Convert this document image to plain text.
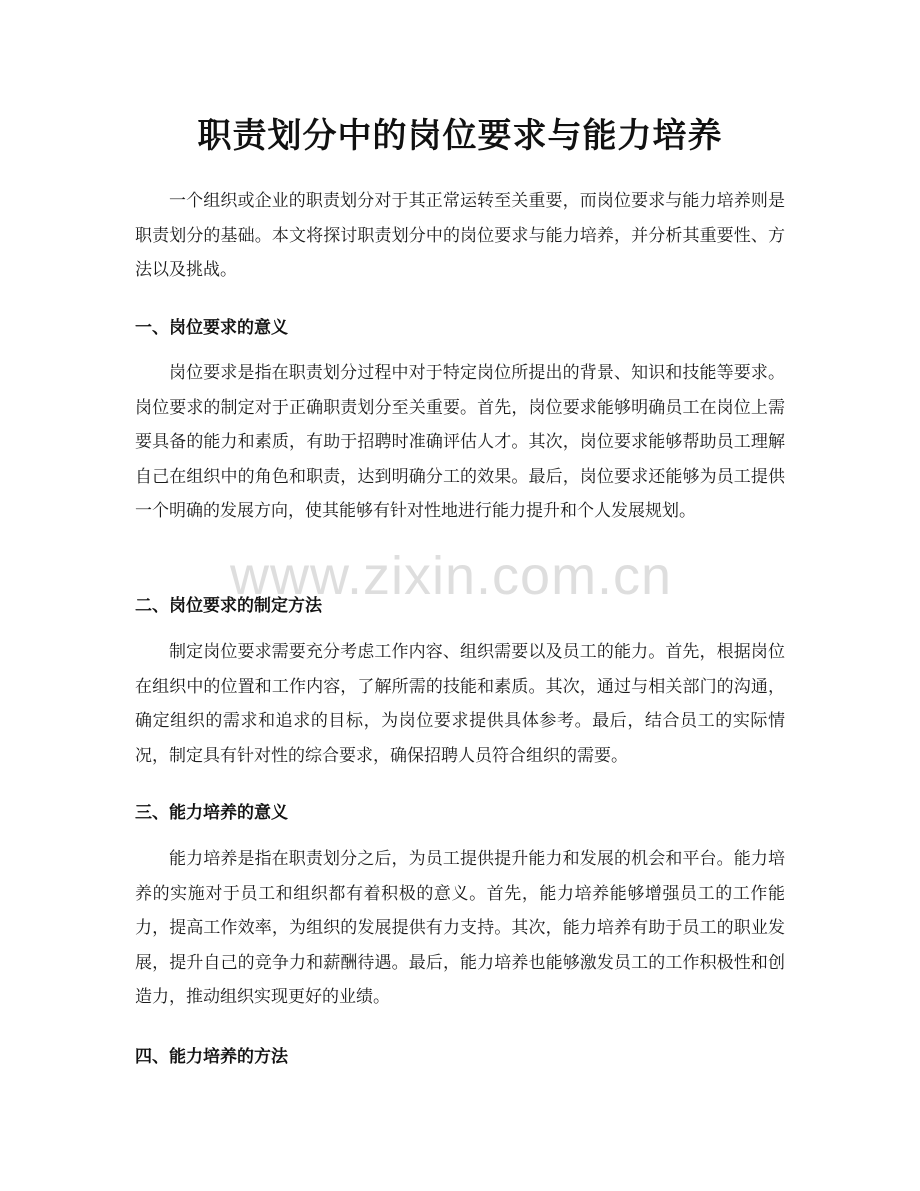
职责划分中的岗位要求与能力培养

一个组织或企业的职责划分对于其正常运转至关重要，而岗位要求与能力培养则是职责划分的基础。本文将探讨职责划分中的岗位要求与能力培养，并分析其重要性、方法以及挑战。

一、岗位要求的意义

岗位要求是指在职责划分过程中对于特定岗位所提出的背景、知识和技能等要求。岗位要求的制定对于正确职责划分至关重要。首先，岗位要求能够明确员工在岗位上需要具备的能力和素质，有助于招聘时准确评估人才。其次，岗位要求能够帮助员工理解自己在组织中的角色和职责，达到明确分工的效果。最后，岗位要求还能够为员工提供一个明确的发展方向，使其能够有针对性地进行能力提升和个人发展规划。

二、岗位要求的制定方法

制定岗位要求需要充分考虑工作内容、组织需要以及员工的能力。首先，根据岗位在组织中的位置和工作内容，了解所需的技能和素质。其次，通过与相关部门的沟通，确定组织的需求和追求的目标，为岗位要求提供具体参考。最后，结合员工的实际情况，制定具有针对性的综合要求，确保招聘人员符合组织的需要。

三、能力培养的意义

能力培养是指在职责划分之后，为员工提供提升能力和发展的机会和平台。能力培养的实施对于员工和组织都有着积极的意义。首先，能力培养能够增强员工的工作能力，提高工作效率，为组织的发展提供有力支持。其次，能力培养有助于员工的职业发展，提升自己的竞争力和薪酬待遇。最后，能力培养也能够激发员工的工作积极性和创造力，推动组织实现更好的业绩。

四、能力培养的方法
www.zixin.com.cn
